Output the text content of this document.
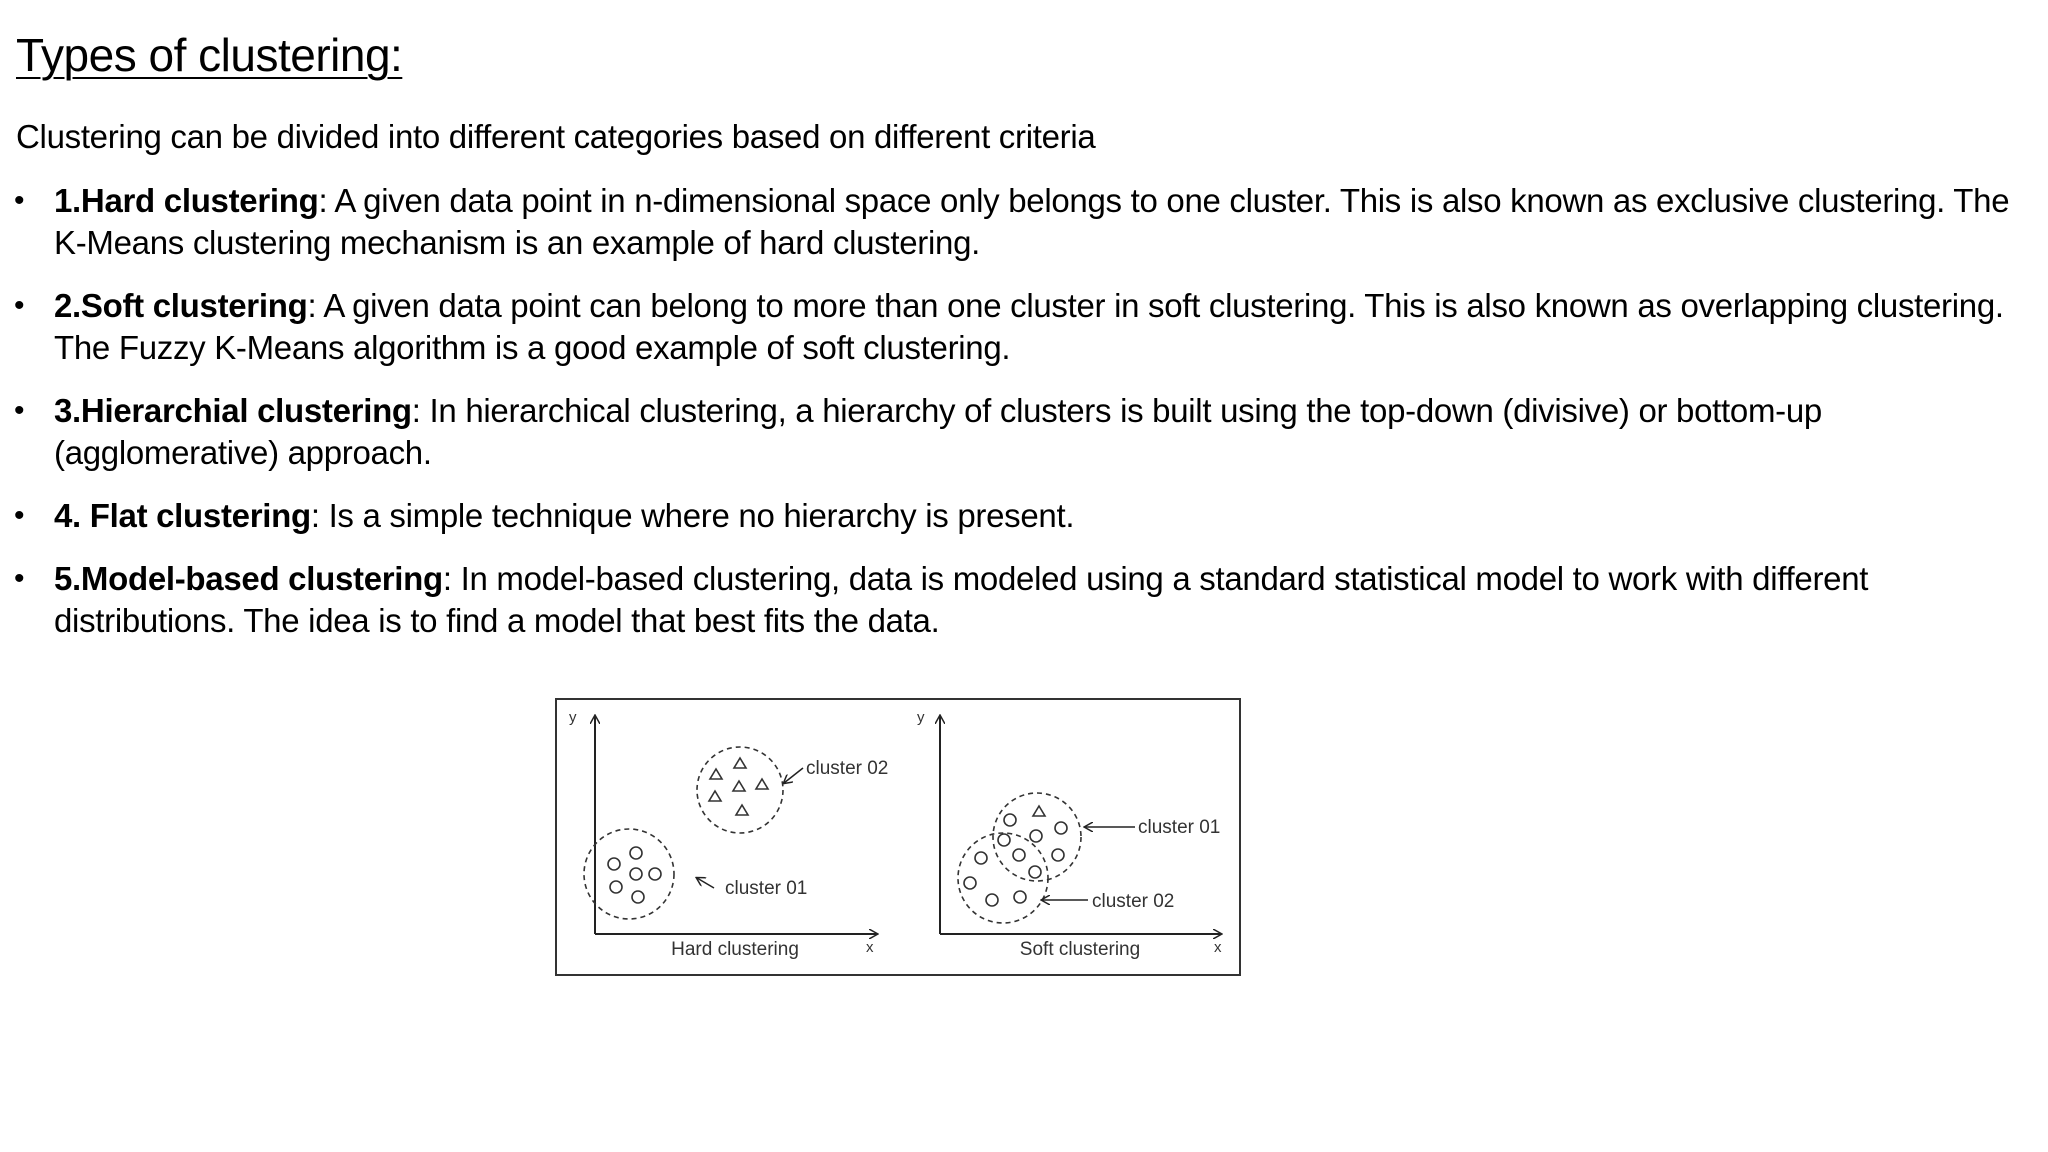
Types of clustering:

Clustering can be divided into different categories based on different criteria

• 1.Hard clustering: A given data point in n-dimensional space only belongs to one cluster. This is also known as exclusive clustering. The K-Means clustering mechanism is an example of hard clustering.
• 2.Soft clustering: A given data point can belong to more than one cluster in soft clustering. This is also known as overlapping clustering. The Fuzzy K-Means algorithm is a good example of soft clustering.
• 3.Hierarchial clustering: In hierarchical clustering, a hierarchy of clusters is built using the top-down (divisive) or bottom-up (agglomerative) approach.
• 4. Flat clustering: Is a simple technique where no hierarchy is present.
• 5.Model-based clustering: In model-based clustering, data is modeled using a standard statistical model to work with different distributions. The idea is to find a model that best fits the data.
y
x
Hard clustering
cluster 02
cluster 01
y
x
Soft clustering
cluster 01
cluster 02
